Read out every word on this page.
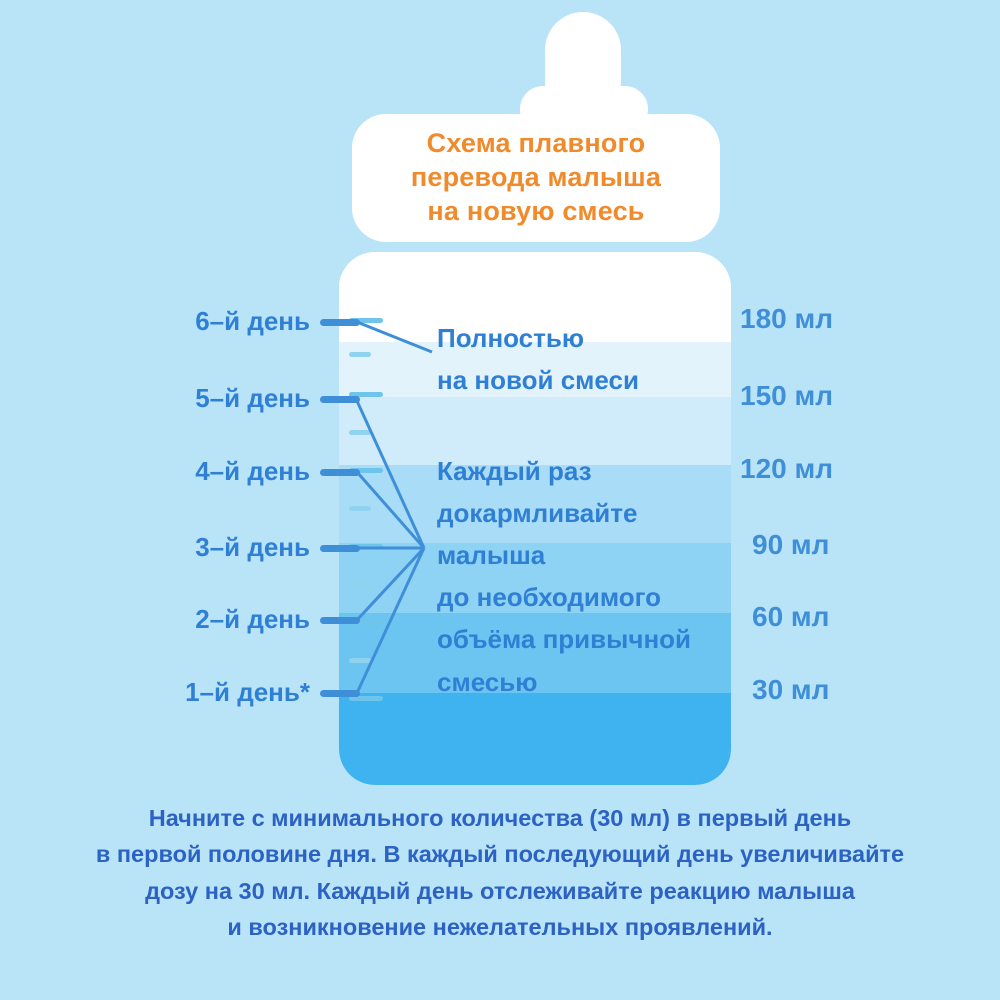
Схема плавного
перевода малыша
на новую смесь
6–й день
5–й день
4–й день
3–й день
2–й день
1–й день*
180 мл
150 мл
120 мл
90 мл
60 мл
30 мл
Полностью
на новой смеси
Каждый раз
докармливайте
малыша
до необходимого
объёма привычной
смесью
Начните с минимального количества (30 мл) в первый день
в первой половине дня. В каждый последующий день увеличивайте
дозу на 30 мл. Каждый день отслеживайте реакцию малыша
и возникновение нежелательных проявлений.
